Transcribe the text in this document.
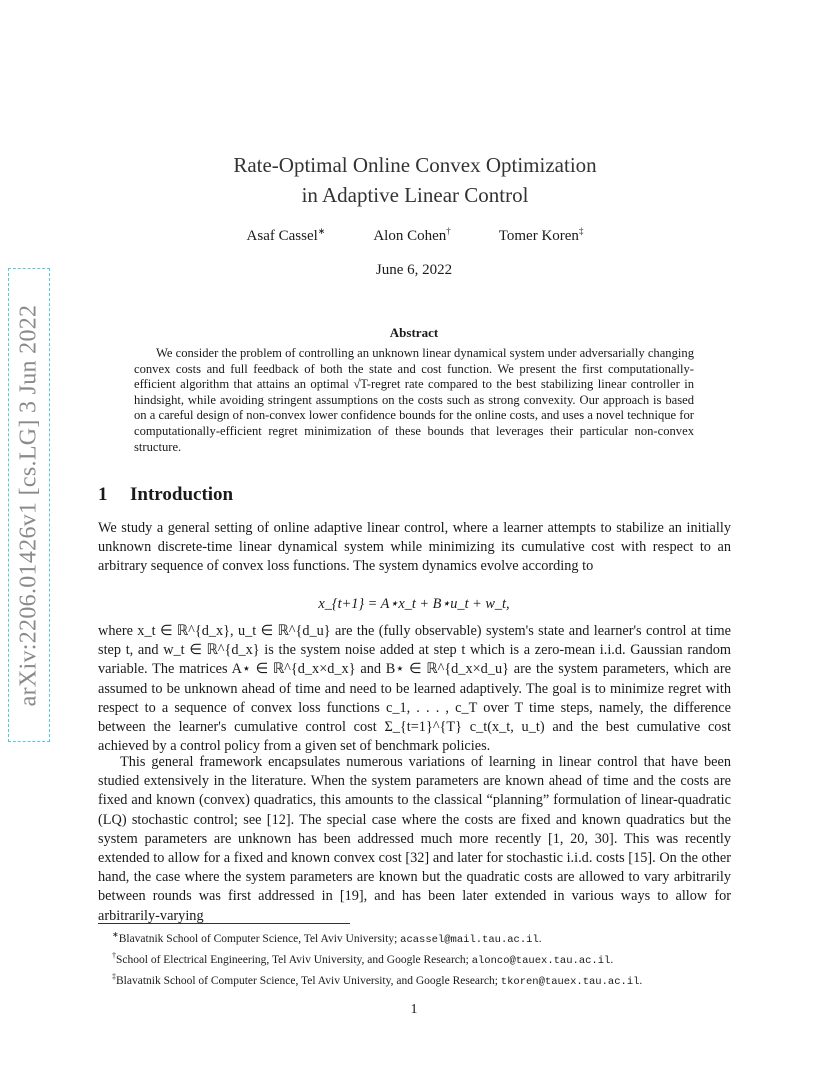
arXiv:2206.01426v1 [cs.LG] 3 Jun 2022
Rate-Optimal Online Convex Optimization
in Adaptive Linear Control
Asaf Cassel∗	Alon Cohen†	Tomer Koren‡
June 6, 2022
Abstract
We consider the problem of controlling an unknown linear dynamical system under adversarially changing convex costs and full feedback of both the state and cost function. We present the first computationally-efficient algorithm that attains an optimal √T-regret rate compared to the best stabilizing linear controller in hindsight, while avoiding stringent assumptions on the costs such as strong convexity. Our approach is based on a careful design of non-convex lower confidence bounds for the online costs, and uses a novel technique for computationally-efficient regret minimization of these bounds that leverages their particular non-convex structure.
1 Introduction
We study a general setting of online adaptive linear control, where a learner attempts to stabilize an initially unknown discrete-time linear dynamical system while minimizing its cumulative cost with respect to an arbitrary sequence of convex loss functions. The system dynamics evolve according to
x_{t+1} = A⋆x_t + B⋆u_t + w_t,
where x_t ∈ ℝ^{d_x}, u_t ∈ ℝ^{d_u} are the (fully observable) system's state and learner's control at time step t, and w_t ∈ ℝ^{d_x} is the system noise added at step t which is a zero-mean i.i.d. Gaussian random variable. The matrices A⋆ ∈ ℝ^{d_x×d_x} and B⋆ ∈ ℝ^{d_x×d_u} are the system parameters, which are assumed to be unknown ahead of time and need to be learned adaptively. The goal is to minimize regret with respect to a sequence of convex loss functions c_1, . . . , c_T over T time steps, namely, the difference between the learner's cumulative control cost Σ_{t=1}^{T} c_t(x_t, u_t) and the best cumulative cost achieved by a control policy from a given set of benchmark policies.
This general framework encapsulates numerous variations of learning in linear control that have been studied extensively in the literature. When the system parameters are known ahead of time and the costs are fixed and known (convex) quadratics, this amounts to the classical “planning” formulation of linear-quadratic (LQ) stochastic control; see [12]. The special case where the costs are fixed and known quadratics but the system parameters are unknown has been addressed much more recently [1, 20, 30]. This was recently extended to allow for a fixed and known convex cost [32] and later for stochastic i.i.d. costs [15]. On the other hand, the case where the system parameters are known but the quadratic costs are allowed to vary arbitrarily between rounds was first addressed in [19], and has been later extended in various ways to allow for arbitrarily-varying
∗Blavatnik School of Computer Science, Tel Aviv University; acassel@mail.tau.ac.il.
†School of Electrical Engineering, Tel Aviv University, and Google Research; alonco@tauex.tau.ac.il.
‡Blavatnik School of Computer Science, Tel Aviv University, and Google Research; tkoren@tauex.tau.ac.il.
1
